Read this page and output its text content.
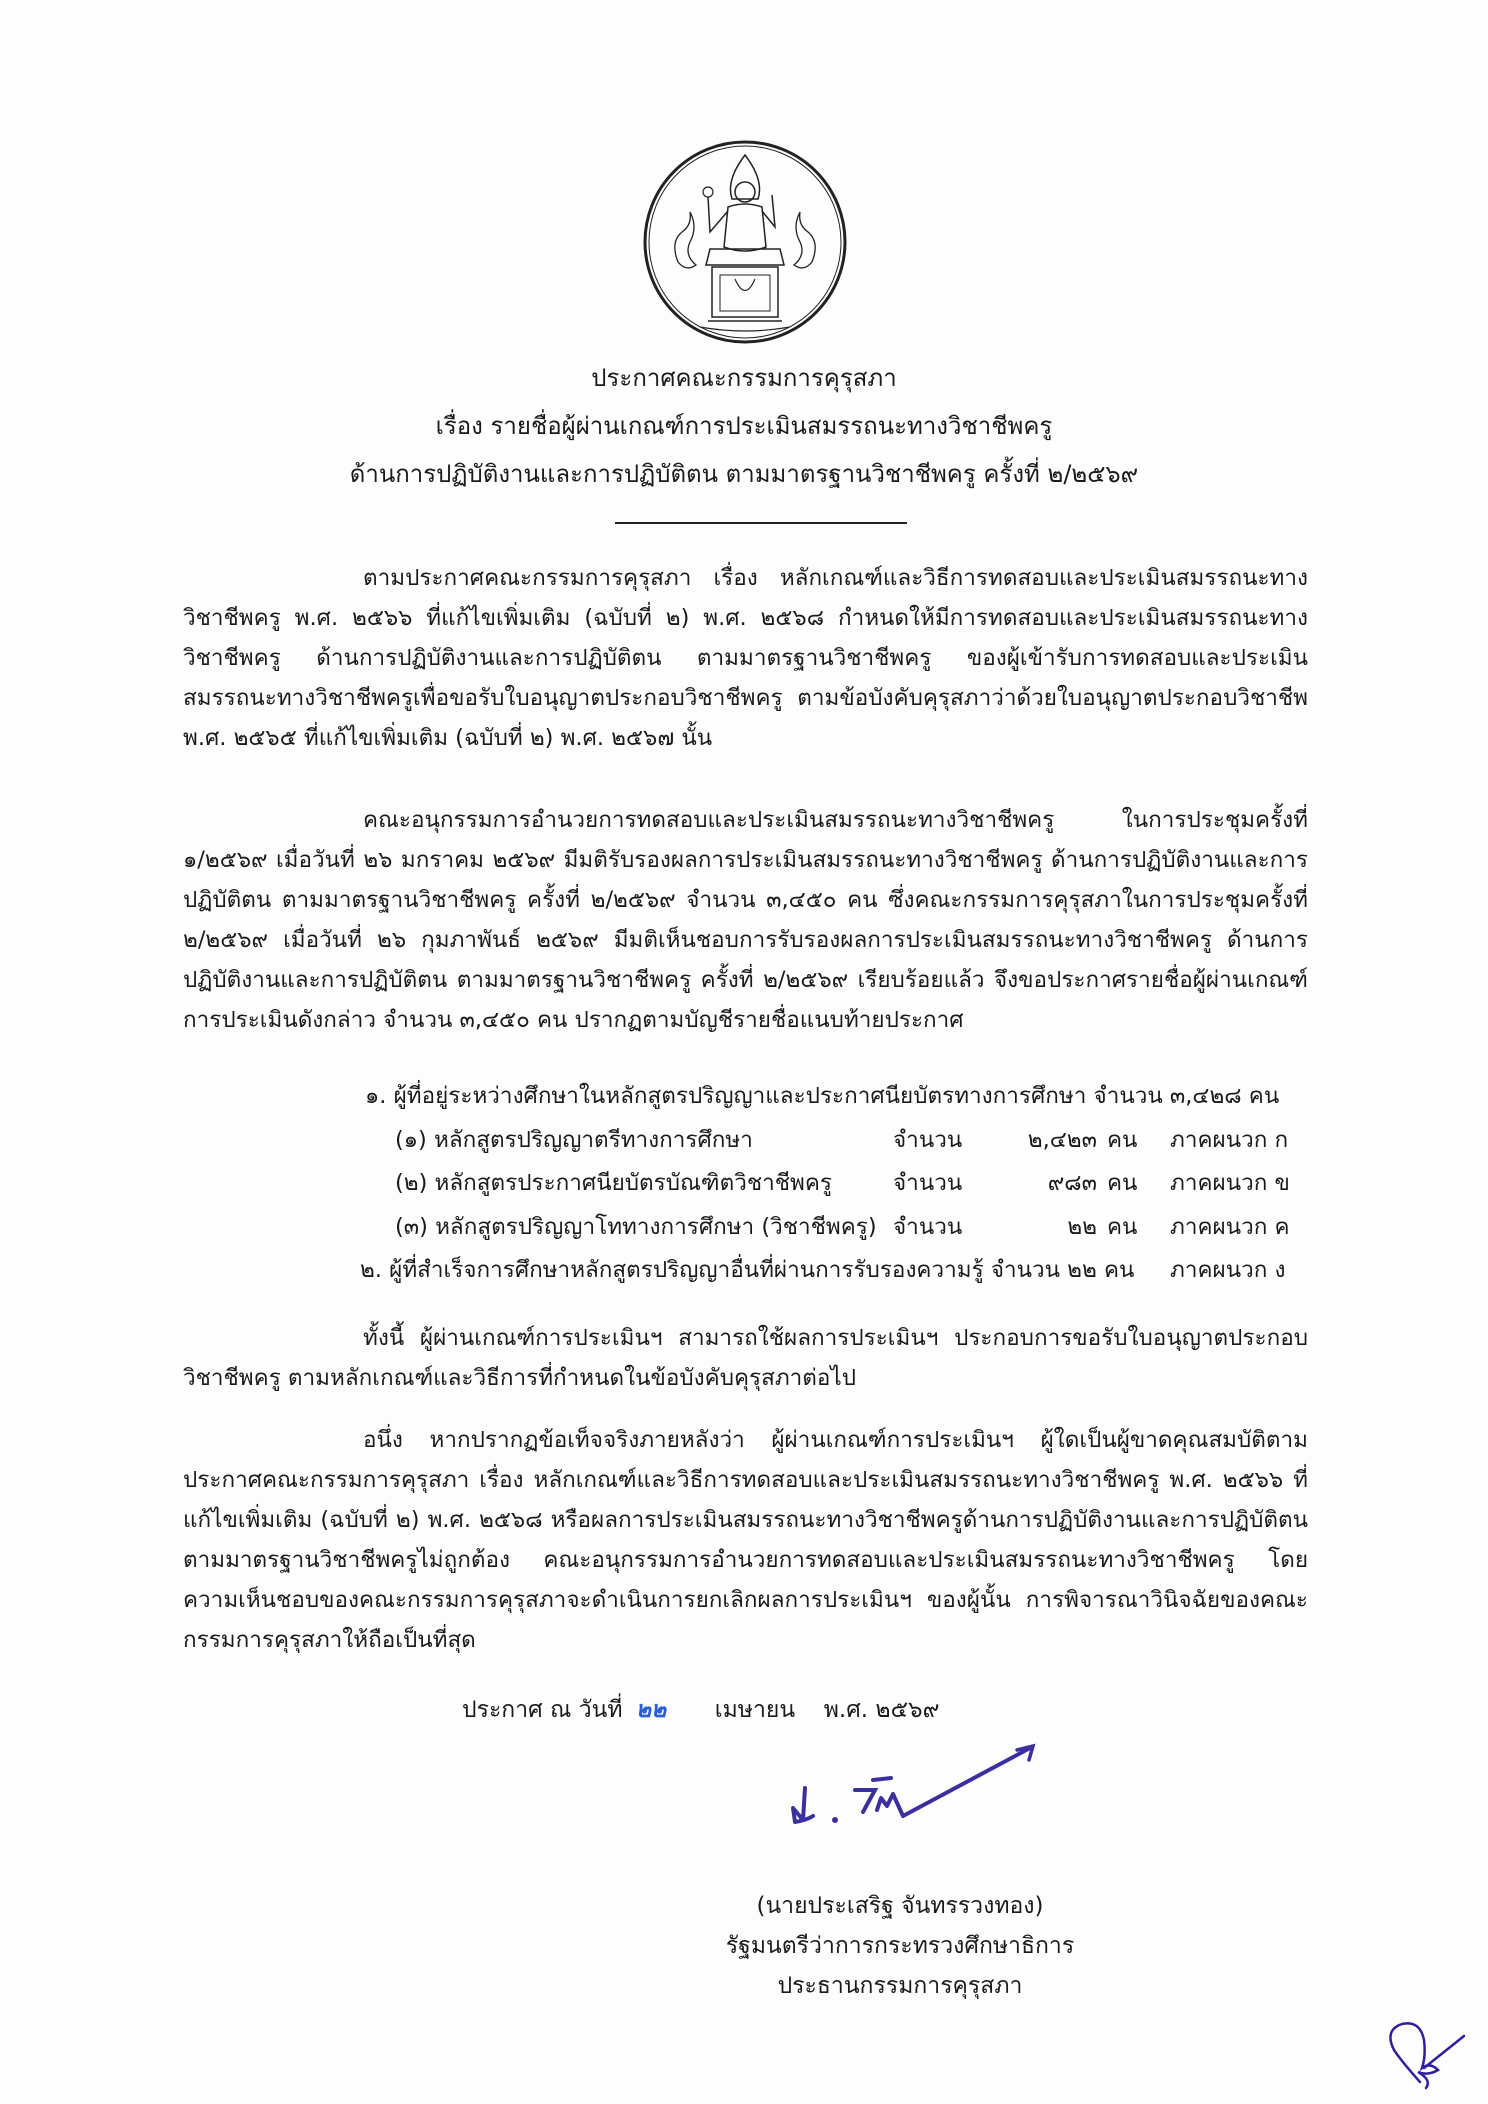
ประกาศคณะกรรมการคุรุสภา
เรื่อง รายชื่อผู้ผ่านเกณฑ์การประเมินสมรรถนะทางวิชาชีพครู
ด้านการปฏิบัติงานและการปฏิบัติตน ตามมาตรฐานวิชาชีพครู ครั้งที่ ๒/๒๕๖๙
ตามประกาศคณะกรรมการคุรุสภา เรื่อง หลักเกณฑ์และวิธีการทดสอบและประเมินสมรรถนะทางวิชาชีพครู พ.ศ. ๒๕๖๖ ที่แก้ไขเพิ่มเติม (ฉบับที่ ๒) พ.ศ. ๒๕๖๘ กำหนดให้มีการทดสอบและประเมินสมรรถนะทางวิชาชีพครู ด้านการปฏิบัติงานและการปฏิบัติตน ตามมาตรฐานวิชาชีพครู ของผู้เข้ารับการทดสอบและประเมินสมรรถนะทางวิชาชีพครูเพื่อขอรับใบอนุญาตประกอบวิชาชีพครู ตามข้อบังคับคุรุสภาว่าด้วยใบอนุญาตประกอบวิชาชีพ พ.ศ. ๒๕๖๕ ที่แก้ไขเพิ่มเติม (ฉบับที่ ๒) พ.ศ. ๒๕๖๗ นั้น
คณะอนุกรรมการอำนวยการทดสอบและประเมินสมรรถนะทางวิชาชีพครู ในการประชุมครั้งที่ ๑/๒๕๖๙ เมื่อวันที่ ๒๖ มกราคม ๒๕๖๙ มีมติรับรองผลการประเมินสมรรถนะทางวิชาชีพครู ด้านการปฏิบัติงานและการปฏิบัติตน ตามมาตรฐานวิชาชีพครู ครั้งที่ ๒/๒๕๖๙ จำนวน ๓,๔๕๐ คน ซึ่งคณะกรรมการคุรุสภาในการประชุมครั้งที่ ๒/๒๕๖๙ เมื่อวันที่ ๒๖ กุมภาพันธ์ ๒๕๖๙ มีมติเห็นชอบการรับรองผลการประเมินสมรรถนะทางวิชาชีพครู ด้านการปฏิบัติงานและการปฏิบัติตน ตามมาตรฐานวิชาชีพครู ครั้งที่ ๒/๒๕๖๙ เรียบร้อยแล้ว จึงขอประกาศรายชื่อผู้ผ่านเกณฑ์การประเมินดังกล่าว จำนวน ๓,๔๕๐ คน ปรากฏตามบัญชีรายชื่อแนบท้ายประกาศ
๑. ผู้ที่อยู่ระหว่างศึกษาในหลักสูตรปริญญาและประกาศนียบัตรทางการศึกษา จำนวน ๓,๔๒๘ คน
(๑) หลักสูตรปริญญาตรีทางการศึกษา	จำนวน	๒,๔๒๓ คน ภาคผนวก ก
(๒) หลักสูตรประกาศนียบัตรบัณฑิตวิชาชีพครู	จำนวน	๙๘๓ คน ภาคผนวก ข
(๓) หลักสูตรปริญญาโททางการศึกษา (วิชาชีพครู) จำนวน	๒๒ คน ภาคผนวก ค
๒. ผู้ที่สำเร็จการศึกษาหลักสูตรปริญญาอื่นที่ผ่านการรับรองความรู้ จำนวน ๒๒ คน ภาคผนวก ง
ทั้งนี้ ผู้ผ่านเกณฑ์การประเมินฯ สามารถใช้ผลการประเมินฯ ประกอบการขอรับใบอนุญาตประกอบวิชาชีพครู ตามหลักเกณฑ์และวิธีการที่กำหนดในข้อบังคับคุรุสภาต่อไป
อนึ่ง หากปรากฏข้อเท็จจริงภายหลังว่า ผู้ผ่านเกณฑ์การประเมินฯ ผู้ใดเป็นผู้ขาดคุณสมบัติตามประกาศคณะกรรมการคุรุสภา เรื่อง หลักเกณฑ์และวิธีการทดสอบและประเมินสมรรถนะทางวิชาชีพครู พ.ศ. ๒๕๖๖ ที่แก้ไขเพิ่มเติม (ฉบับที่ ๒) พ.ศ. ๒๕๖๘ หรือผลการประเมินสมรรถนะทางวิชาชีพครูด้านการปฏิบัติงานและการปฏิบัติตน ตามมาตรฐานวิชาชีพครูไม่ถูกต้อง คณะอนุกรรมการอำนวยการทดสอบและประเมินสมรรถนะทางวิชาชีพครู โดยความเห็นชอบของคณะกรรมการคุรุสภาจะดำเนินการยกเลิกผลการประเมินฯ ของผู้นั้น การพิจารณาวินิจฉัยของคณะกรรมการคุรุสภาให้ถือเป็นที่สุด
ประกาศ ณ วันที่ ๒๒ เมษายน พ.ศ. ๒๕๖๙
(นายประเสริฐ จันทรรวงทอง)
รัฐมนตรีว่าการกระทรวงศึกษาธิการ
ประธานกรรมการคุรุสภา
